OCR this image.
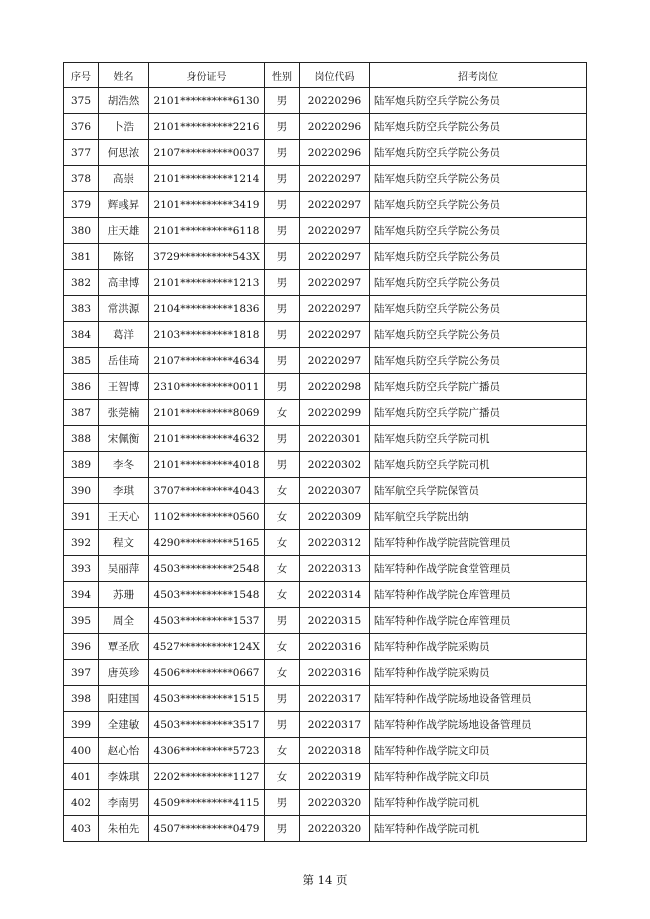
序号	姓名	身份证号	性别	岗位代码	招考岗位
375	胡浩然	2101**********6130	男	20220296	陆军炮兵防空兵学院公务员
376	卜浩	2101**********2216	男	20220296	陆军炮兵防空兵学院公务员
377	何思浓	2107**********0037	男	20220296	陆军炮兵防空兵学院公务员
378	高崇	2101**********1214	男	20220297	陆军炮兵防空兵学院公务员
379	辉彧昇	2101**********3419	男	20220297	陆军炮兵防空兵学院公务员
380	庄天雄	2101**********6118	男	20220297	陆军炮兵防空兵学院公务员
381	陈铭	3729**********543X	男	20220297	陆军炮兵防空兵学院公务员
382	高聿博	2101**********1213	男	20220297	陆军炮兵防空兵学院公务员
383	常洪源	2104**********1836	男	20220297	陆军炮兵防空兵学院公务员
384	葛洋	2103**********1818	男	20220297	陆军炮兵防空兵学院公务员
385	岳佳琦	2107**********4634	男	20220297	陆军炮兵防空兵学院公务员
386	王智博	2310**********0011	男	20220298	陆军炮兵防空兵学院广播员
387	张莞楠	2101**********8069	女	20220299	陆军炮兵防空兵学院广播员
388	宋佩衡	2101**********4632	男	20220301	陆军炮兵防空兵学院司机
389	李冬	2101**********4018	男	20220302	陆军炮兵防空兵学院司机
390	李琪	3707**********4043	女	20220307	陆军航空兵学院保管员
391	王天心	1102**********0560	女	20220309	陆军航空兵学院出纳
392	程文	4290**********5165	女	20220312	陆军特种作战学院营院管理员
393	吴丽萍	4503**********2548	女	20220313	陆军特种作战学院食堂管理员
394	苏珊	4503**********1548	女	20220314	陆军特种作战学院仓库管理员
395	周全	4503**********1537	男	20220315	陆军特种作战学院仓库管理员
396	覃圣欣	4527**********124X	女	20220316	陆军特种作战学院采购员
397	唐英珍	4506**********0667	女	20220316	陆军特种作战学院采购员
398	阳建国	4503**********1515	男	20220317	陆军特种作战学院场地设备管理员
399	全建敏	4503**********3517	男	20220317	陆军特种作战学院场地设备管理员
400	赵心怡	4306**********5723	女	20220318	陆军特种作战学院文印员
401	李姝琪	2202**********1127	女	20220319	陆军特种作战学院文印员
402	李南男	4509**********4115	男	20220320	陆军特种作战学院司机
403	朱柏先	4507**********0479	男	20220320	陆军特种作战学院司机
第 14 页
